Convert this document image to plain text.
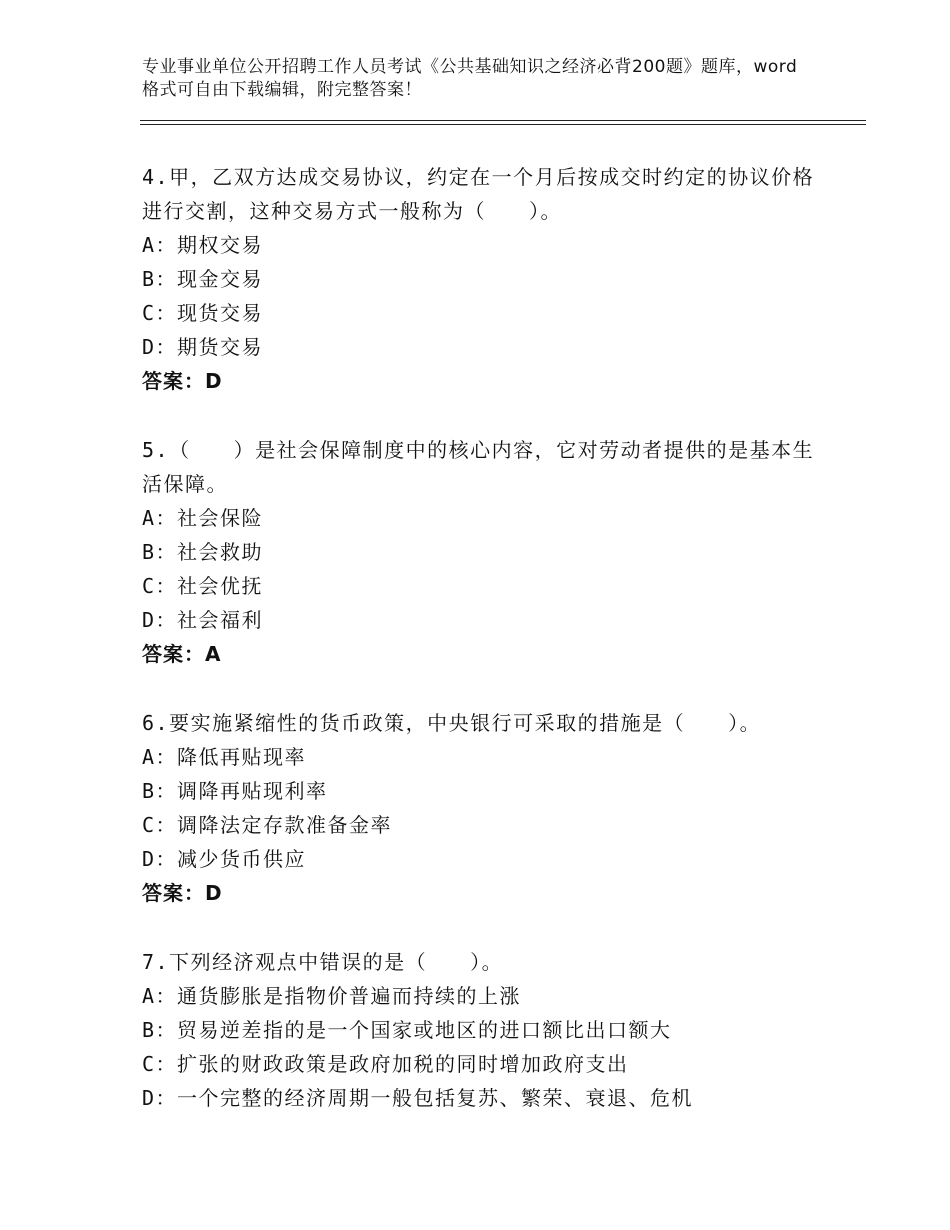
专业事业单位公开招聘工作人员考试《公共基础知识之经济必背200题》题库，word格式可自由下载编辑，附完整答案！
4.甲，乙双方达成交易协议，约定在一个月后按成交时约定的协议价格进行交割，这种交易方式一般称为（　　）。
A：期权交易
B：现金交易
C：现货交易
D：期货交易
答案：D
5.（　　）是社会保障制度中的核心内容，它对劳动者提供的是基本生活保障。
A：社会保险
B：社会救助
C：社会优抚
D：社会福利
答案：A
6.要实施紧缩性的货币政策，中央银行可采取的措施是（　　）。
A：降低再贴现率
B：调降再贴现利率
C：调降法定存款准备金率
D：减少货币供应
答案：D
7.下列经济观点中错误的是（　　）。
A：通货膨胀是指物价普遍而持续的上涨
B：贸易逆差指的是一个国家或地区的进口额比出口额大
C：扩张的财政政策是政府加税的同时增加政府支出
D：一个完整的经济周期一般包括复苏、繁荣、衰退、危机
